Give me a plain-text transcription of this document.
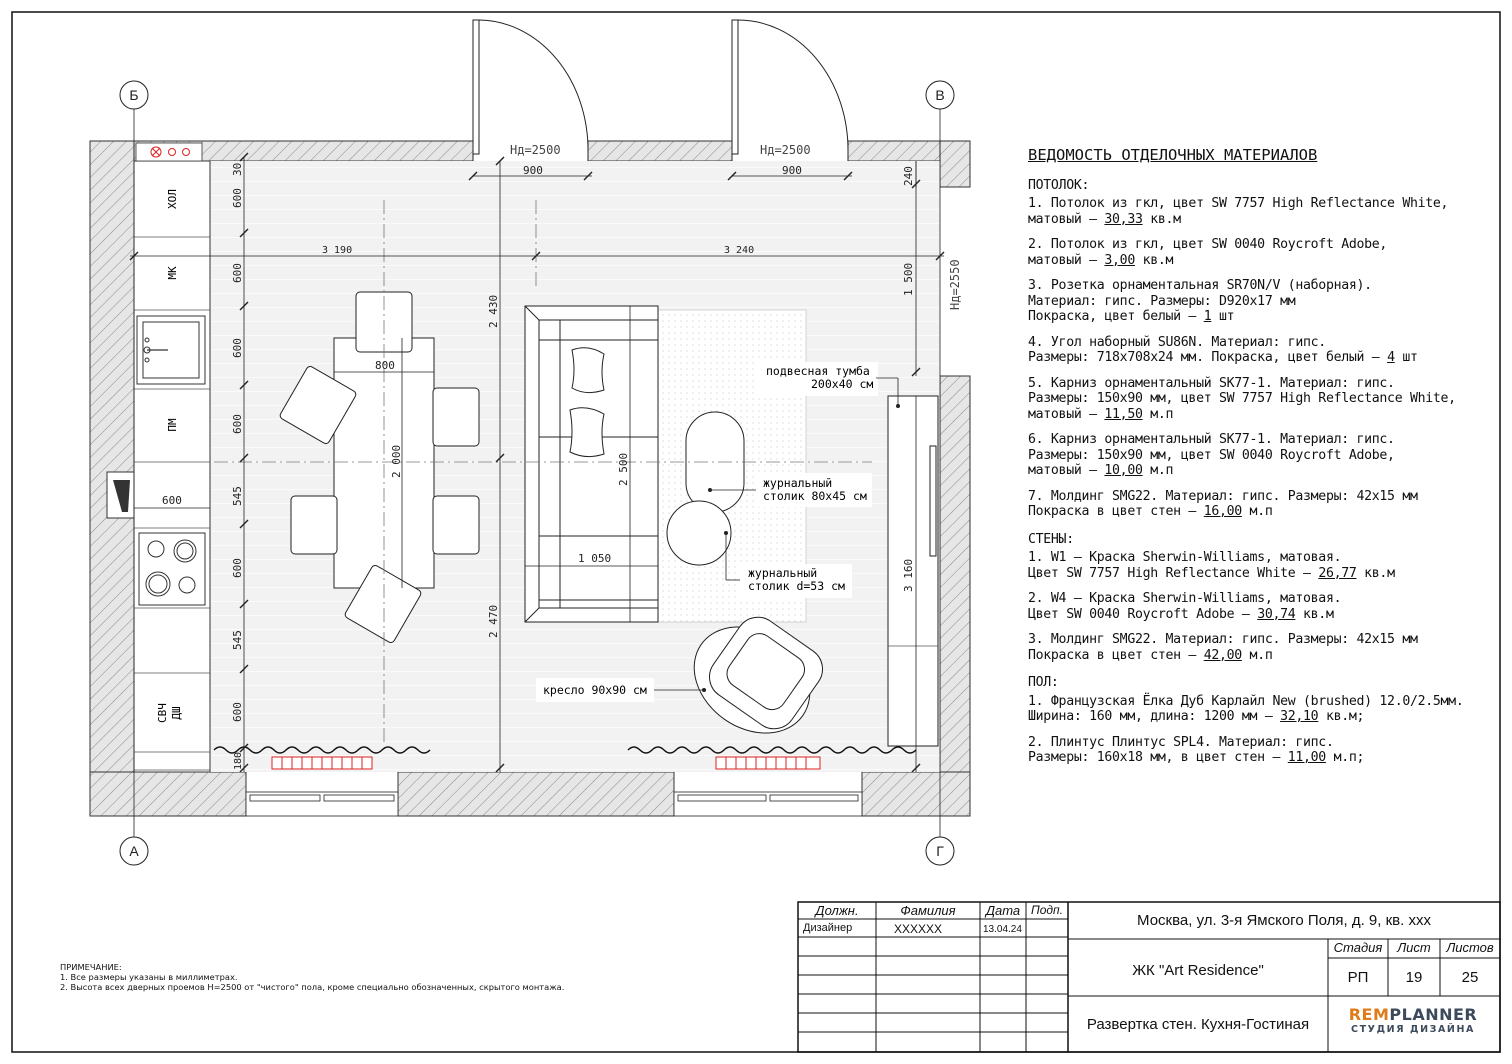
ХОЛ
МК
ПМ
СВЧ ДШ
Hд=2500	Hд=2500
Hд=2550
900	900
3 190	3 240
800
1 050
600
240
1 500
3 160
2 430
2 470
2 000	2 500
30
600
600
600
600
545
600
545
600
180
подвесная тумба
200х40 см
журнальный
столик 80х45 см
журнальный
столик d=53 см
кресло 90х90 см
Б	В
А	Г
Должн.	Фамилия	Дата Подп.
Дизайнер	XXXXXX	13.04.24
Москва, ул. 3-я Ямского Поля, д. 9, кв. ххх
ЖК "Art Residence"
Развертка стен. Кухня-Гостиная
Стадия	Лист	Листов
РП	19	25
REMPLANNER
СТУДИЯ ДИЗАЙНА
ВЕДОМОСТЬ ОТДЕЛОЧНЫХ МАТЕРИАЛОВ
ПОТОЛОК:
1. Потолок из гкл, цвет SW 7757 High Reflectance White,
матовый – 30,33 кв.м
2. Потолок из гкл, цвет SW 0040 Roycroft Adobe,
матовый – 3,00 кв.м
3. Розетка орнаментальная SR70N/V (наборная).
Материал: гипс. Размеры: D920x17 мм
Покраска, цвет белый – 1 шт
4. Угол наборный SU86N. Материал: гипс.
Размеры: 718x708x24 мм. Покраска, цвет белый – 4 шт
5. Карниз орнаментальный SK77-1. Материал: гипс.
Размеры: 150x90 мм, цвет SW 7757 High Reflectance White,
матовый – 11,50 м.п
6. Карниз орнаментальный SK77-1. Материал: гипс.
Размеры: 150x90 мм, цвет SW 0040 Roycroft Adobe,
матовый – 10,00 м.п
7. Молдинг SMG22. Материал: гипс. Размеры: 42x15 мм
Покраска в цвет стен – 16,00 м.п
СТЕНЫ:
1. W1 – Краска Sherwin-Williams, матовая.
Цвет SW 7757 High Reflectance White – 26,77 кв.м
2. W4 – Краска Sherwin-Williams, матовая.
Цвет SW 0040 Roycroft Adobe – 30,74 кв.м
3. Молдинг SMG22. Материал: гипс. Размеры: 42x15 мм
Покраска в цвет стен – 42,00 м.п
ПОЛ:
1. Французская Ёлка Дуб Карлайл New (brushed) 12.0/2.5мм.
Ширина: 160 мм, длина: 1200 мм – 32,10 кв.м;
2. Плинтус Плинтус SPL4. Материал: гипс.
Размеры: 160x18 мм, в цвет стен – 11,00 м.п;
ПРИМЕЧАНИЕ:
1. Все размеры указаны в миллиметрах.
2. Высота всех дверных проемов H=2500 от "чистого" пола, кроме специально обозначенных, скрытого монтажа.
